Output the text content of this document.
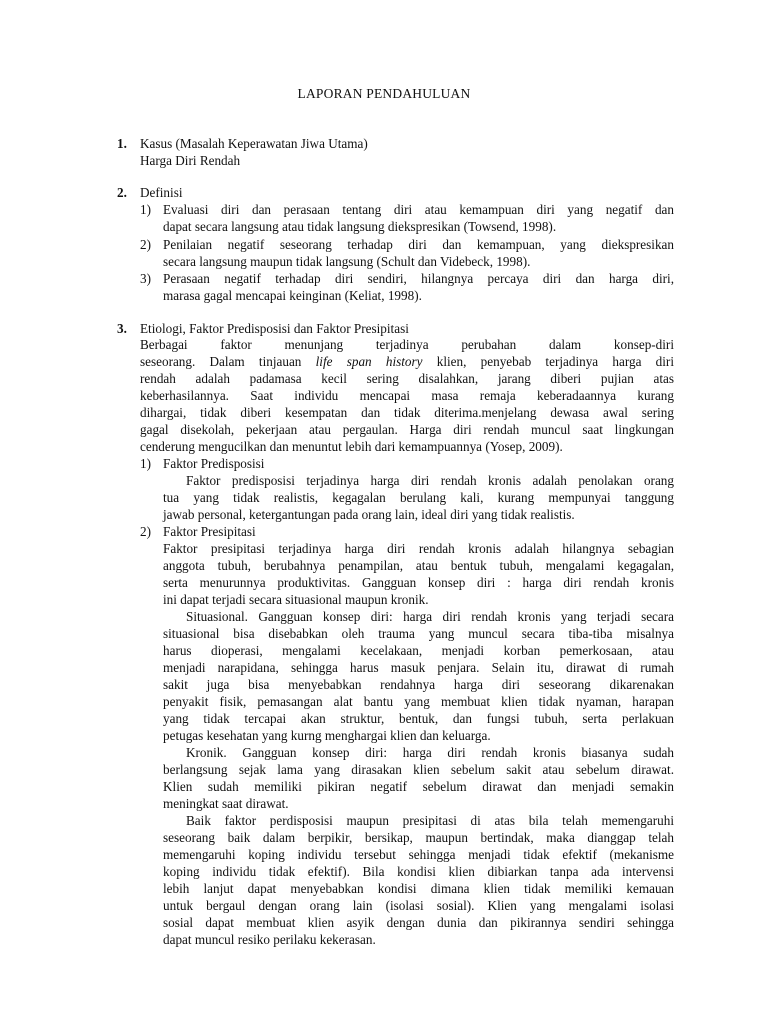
LAPORAN PENDAHULUAN
1. Kasus (Masalah Keperawatan Jiwa Utama)
Harga Diri Rendah
2. Definisi
1) Evaluasi diri dan perasaan tentang diri atau kemampuan diri yang negatif dan
dapat secara langsung atau tidak langsung diekspresikan (Towsend, 1998).
2) Penilaian negatif seseorang terhadap diri dan kemampuan, yang diekspresikan
secara langsung maupun tidak langsung (Schult dan Videbeck, 1998).
3) Perasaan negatif terhadap diri sendiri, hilangnya percaya diri dan harga diri,
marasa gagal mencapai keinginan (Keliat, 1998).
3. Etiologi, Faktor Predisposisi dan Faktor Presipitasi
Berbagai faktor menunjang terjadinya perubahan dalam konsep-diri
seseorang. Dalam tinjauan life span history klien, penyebab terjadinya harga diri
rendah adalah padamasa kecil sering disalahkan, jarang diberi pujian atas
keberhasilannya. Saat individu mencapai masa remaja keberadaannya kurang
dihargai, tidak diberi kesempatan dan tidak diterima.menjelang dewasa awal sering
gagal disekolah, pekerjaan atau pergaulan. Harga diri rendah muncul saat lingkungan
cenderung mengucilkan dan menuntut lebih dari kemampuannya (Yosep, 2009).
1) Faktor Predisposisi
Faktor predisposisi terjadinya harga diri rendah kronis adalah penolakan orang
tua yang tidak realistis, kegagalan berulang kali, kurang mempunyai tanggung
jawab personal, ketergantungan pada orang lain, ideal diri yang tidak realistis.
2) Faktor Presipitasi
Faktor presipitasi terjadinya harga diri rendah kronis adalah hilangnya sebagian
anggota tubuh, berubahnya penampilan, atau bentuk tubuh, mengalami kegagalan,
serta menurunnya produktivitas. Gangguan konsep diri : harga diri rendah kronis
ini dapat terjadi secara situasional maupun kronik.
Situasional. Gangguan konsep diri: harga diri rendah kronis yang terjadi secara
situasional bisa disebabkan oleh trauma yang muncul secara tiba-tiba misalnya
harus dioperasi, mengalami kecelakaan, menjadi korban pemerkosaan, atau
menjadi narapidana, sehingga harus masuk penjara. Selain itu, dirawat di rumah
sakit juga bisa menyebabkan rendahnya harga diri seseorang dikarenakan
penyakit fisik, pemasangan alat bantu yang membuat klien tidak nyaman, harapan
yang tidak tercapai akan struktur, bentuk, dan fungsi tubuh, serta perlakuan
petugas kesehatan yang kurng menghargai klien dan keluarga.
Kronik. Gangguan konsep diri: harga diri rendah kronis biasanya sudah
berlangsung sejak lama yang dirasakan klien sebelum sakit atau sebelum dirawat.
Klien sudah memiliki pikiran negatif sebelum dirawat dan menjadi semakin
meningkat saat dirawat.
Baik faktor perdisposisi maupun presipitasi di atas bila telah memengaruhi
seseorang baik dalam berpikir, bersikap, maupun bertindak, maka dianggap telah
memengaruhi koping individu tersebut sehingga menjadi tidak efektif (mekanisme
koping individu tidak efektif). Bila kondisi klien dibiarkan tanpa ada intervensi
lebih lanjut dapat menyebabkan kondisi dimana klien tidak memiliki kemauan
untuk bergaul dengan orang lain (isolasi sosial). Klien yang mengalami isolasi
sosial dapat membuat klien asyik dengan dunia dan pikirannya sendiri sehingga
dapat muncul resiko perilaku kekerasan.
